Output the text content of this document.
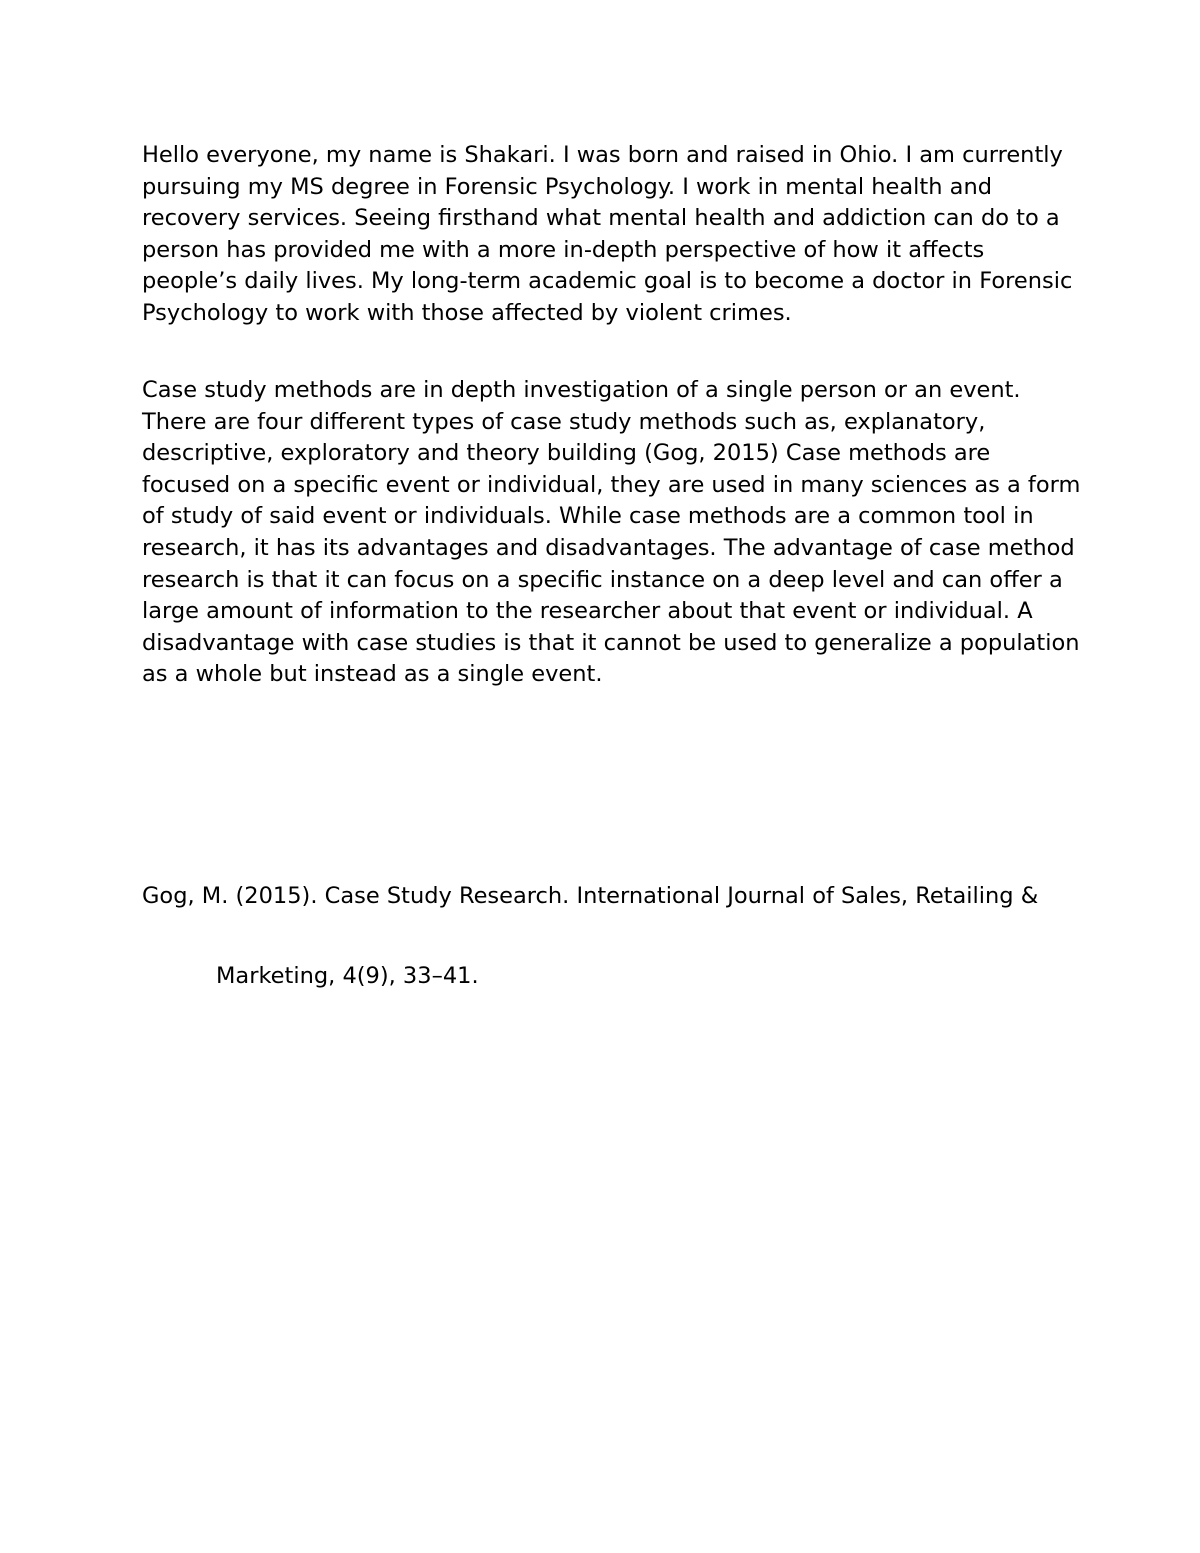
Hello everyone, my name is Shakari. I was born and raised in Ohio. I am currently pursuing my MS degree in Forensic Psychology. I work in mental health and recovery services. Seeing firsthand what mental health and addiction can do to a person has provided me with a more in-depth perspective of how it affects people’s daily lives. My long-term academic goal is to become a doctor in Forensic Psychology to work with those affected by violent crimes.

Case study methods are in depth investigation of a single person or an event. There are four different types of case study methods such as, explanatory, descriptive, exploratory and theory building (Gog, 2015) Case methods are focused on a specific event or individual, they are used in many sciences as a form of study of said event or individuals. While case methods are a common tool in research, it has its advantages and disadvantages. The advantage of case method research is that it can focus on a specific instance on a deep level and can offer a large amount of information to the researcher about that event or individual. A disadvantage with case studies is that it cannot be used to generalize a population as a whole but instead as a single event.

Gog, M. (2015). Case Study Research. International Journal of Sales, Retailing &

Marketing, 4(9), 33–41.
